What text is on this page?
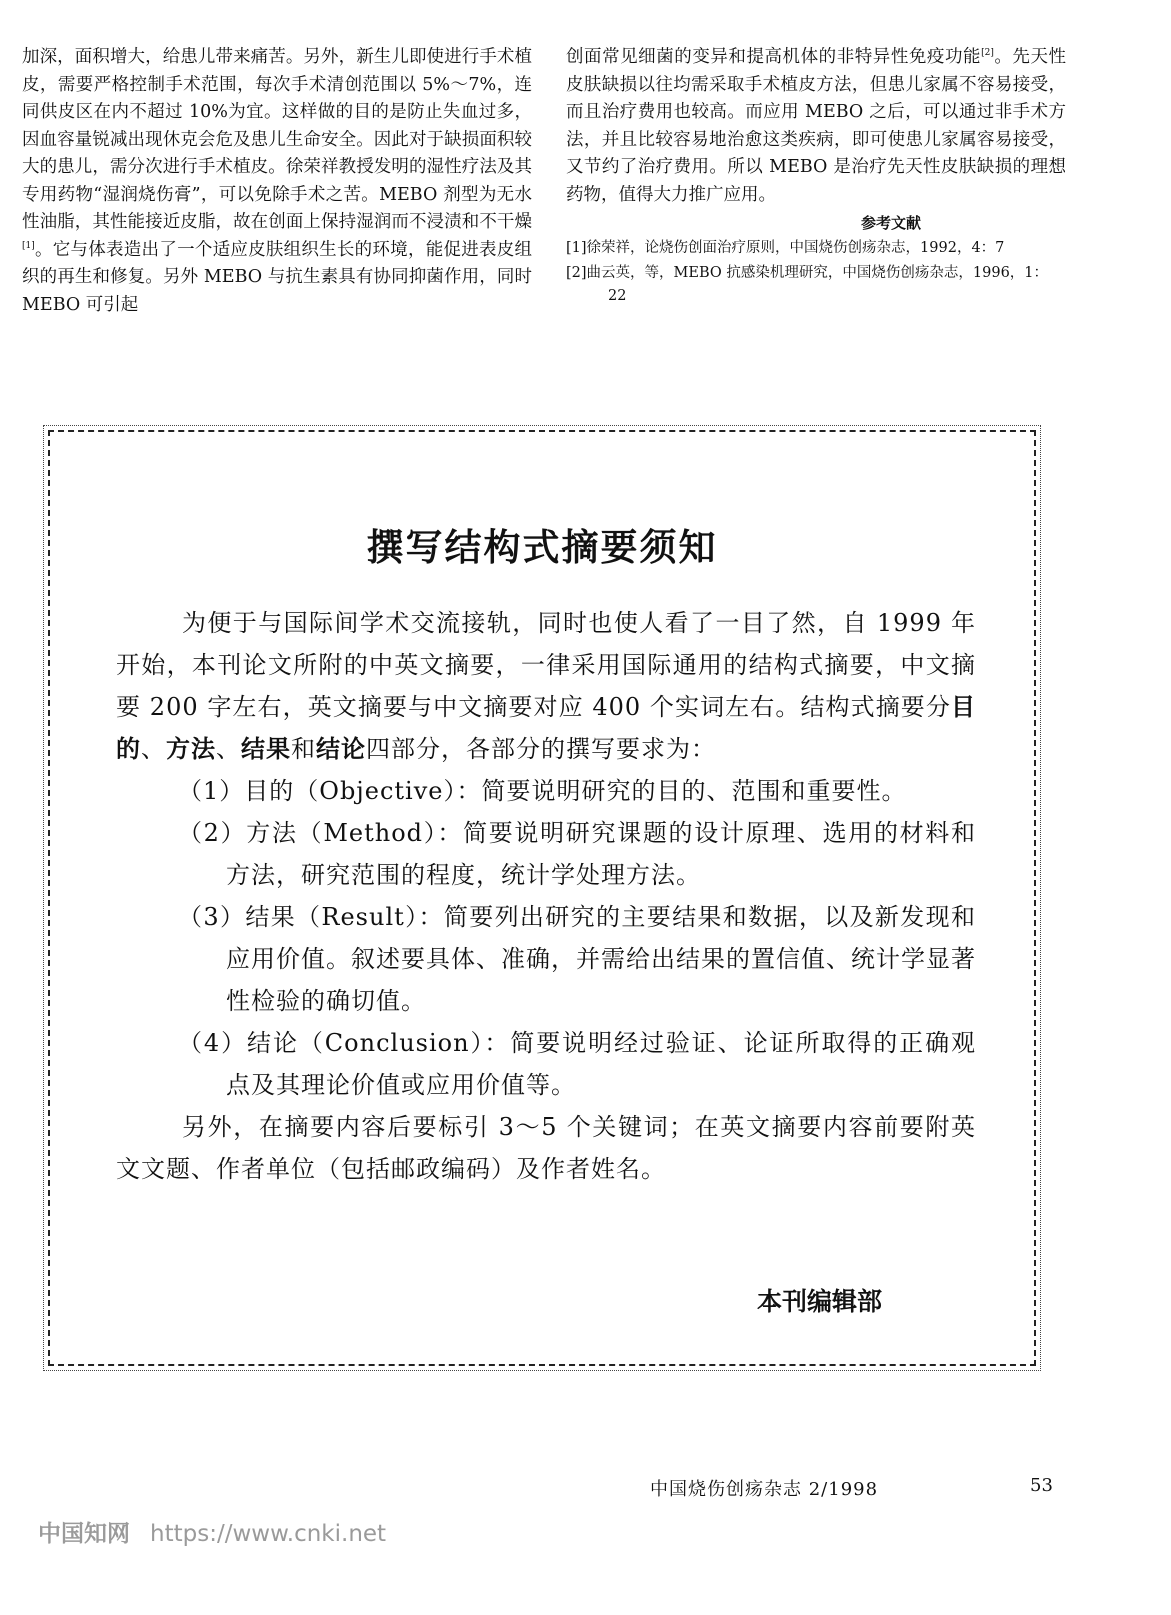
加深，面积增大，给患儿带来痛苦。另外，新生儿即使进行手术植皮，需要严格控制手术范围，每次手术清创范围以 5%～7%，连同供皮区在内不超过 10%为宜。这样做的目的是防止失血过多，因血容量锐减出现休克会危及患儿生命安全。因此对于缺损面积较大的患儿，需分次进行手术植皮。徐荣祥教授发明的湿性疗法及其专用药物“湿润烧伤膏”，可以免除手术之苦。MEBO 剂型为无水性油脂，其性能接近皮脂，故在创面上保持湿润而不浸渍和不干燥[1]。它与体表造出了一个适应皮肤组织生长的环境，能促进表皮组织的再生和修复。另外 MEBO 与抗生素具有协同抑菌作用，同时 MEBO 可引起

创面常见细菌的变异和提高机体的非特异性免疫功能[2]。先天性皮肤缺损以往均需采取手术植皮方法，但患儿家属不容易接受，而且治疗费用也较高。而应用 MEBO 之后，可以通过非手术方法，并且比较容易地治愈这类疾病，即可使患儿家属容易接受，又节约了治疗费用。所以 MEBO 是治疗先天性皮肤缺损的理想药物，值得大力推广应用。

参考文献
[1]徐荣祥，论烧伤创面治疗原则，中国烧伤创疡杂志，1992，4：7
[2]曲云英，等，MEBO 抗感染机理研究，中国烧伤创疡杂志，1996，1：22
撰写结构式摘要须知

为便于与国际间学术交流接轨，同时也使人看了一目了然，自 1999 年开始，本刊论文所附的中英文摘要，一律采用国际通用的结构式摘要，中文摘要 200 字左右，英文摘要与中文摘要对应 400 个实词左右。结构式摘要分目的、方法、结果和结论四部分，各部分的撰写要求为：

（1）目的（Objective）：简要说明研究的目的、范围和重要性。

（2）方法（Method）：简要说明研究课题的设计原理、选用的材料和方法，研究范围的程度，统计学处理方法。

（3）结果（Result）：简要列出研究的主要结果和数据，以及新发现和应用价值。叙述要具体、准确，并需给出结果的置信值、统计学显著性检验的确切值。

（4）结论（Conclusion）：简要说明经过验证、论证所取得的正确观点及其理论价值或应用价值等。

另外，在摘要内容后要标引 3～5 个关键词；在英文摘要内容前要附英文文题、作者单位（包括邮政编码）及作者姓名。

本刊编辑部
中国烧伤创疡杂志 2/1998	53
中国知网 https://www.cnki.net
